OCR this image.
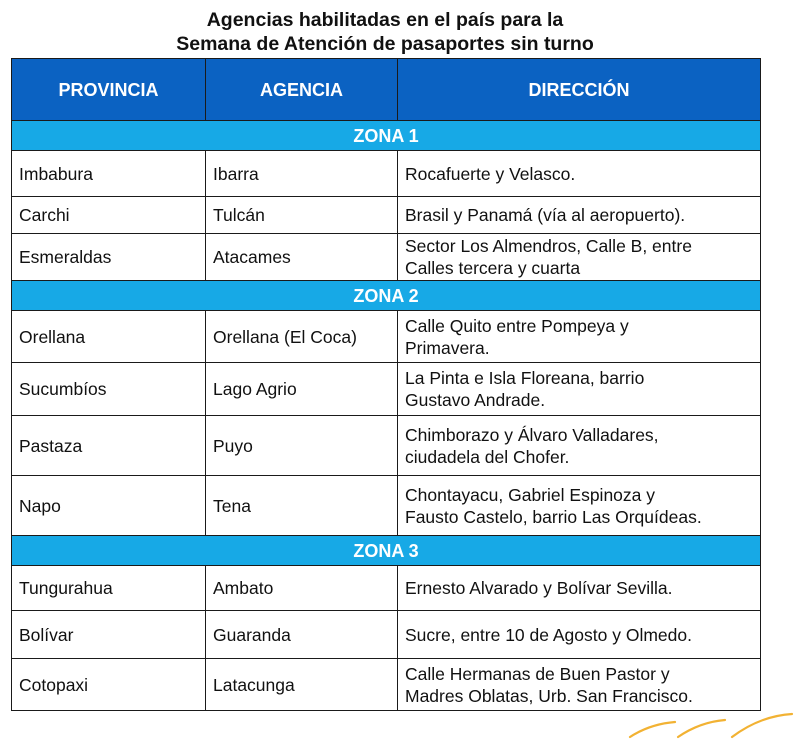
Agencias habilitadas en el país para la
Semana de Atención de pasaportes sin turno
PROVINCIA	AGENCIA	DIRECCIÓN
ZONA 1		
Imbabura	Ibarra	Rocafuerte y Velasco.

Carchi	Tulcán	Brasil y Panamá (vía al aeropuerto).

Esmeraldas	Atacames	Sector Los Almendros, Calle B, entre
Calles tercera y cuarta

ZONA 2		
Orellana	Orellana (El Coca)	Calle Quito entre Pompeya y
Primavera.

Sucumbíos	Lago Agrio	La Pinta e Isla Floreana, barrio
Gustavo Andrade.

Pastaza	Puyo	Chimborazo y Álvaro Valladares,
ciudadela del Chofer.

Napo	Tena	Chontayacu, Gabriel Espinoza y
Fausto Castelo, barrio Las Orquídeas.

ZONA 3		
Tungurahua	Ambato	Ernesto Alvarado y Bolívar Sevilla.

Bolívar	Guaranda	Sucre, entre 10 de Agosto y Olmedo.

Cotopaxi	Latacunga	Calle Hermanas de Buen Pastor y
Madres Oblatas, Urb. San Francisco.
